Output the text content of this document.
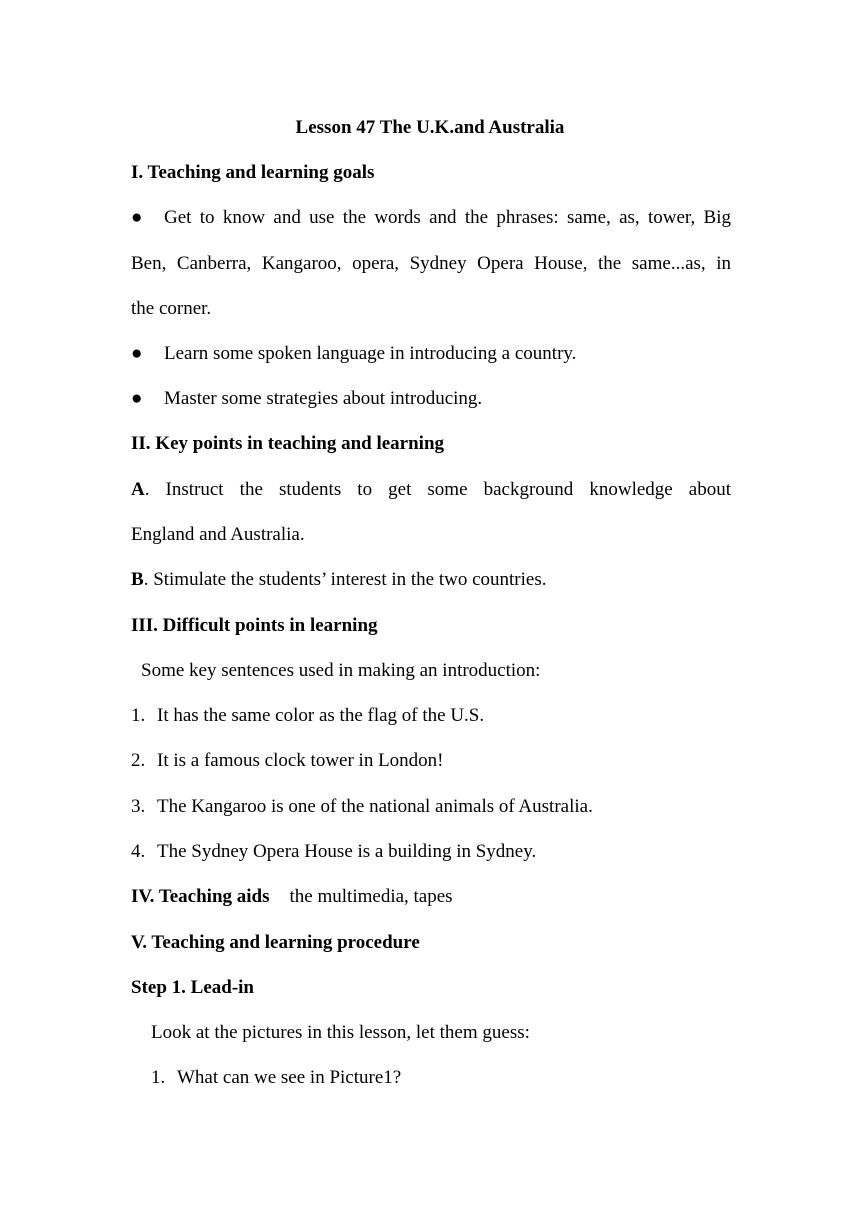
Lesson 47 The U.K.and Australia
I. Teaching and learning goals
● Get to know and use the words and the phrases: same, as, tower, Big
Ben, Canberra, Kangaroo, opera, Sydney Opera House, the same...as, in
the corner.
● Learn some spoken language in introducing a country.
● Master some strategies about introducing.
II. Key points in teaching and learning
A. Instruct the students to get some background knowledge about
England and Australia.
B. Stimulate the students’ interest in the two countries.
III. Difficult points in learning
Some key sentences used in making an introduction:
1. It has the same color as the flag of the U.S.
2. It is a famous clock tower in London!
3. The Kangaroo is one of the national animals of Australia.
4. The Sydney Opera House is a building in Sydney.
IV. Teaching aids the multimedia, tapes
V. Teaching and learning procedure
Step 1. Lead-in
Look at the pictures in this lesson, let them guess:
1. What can we see in Picture1?
